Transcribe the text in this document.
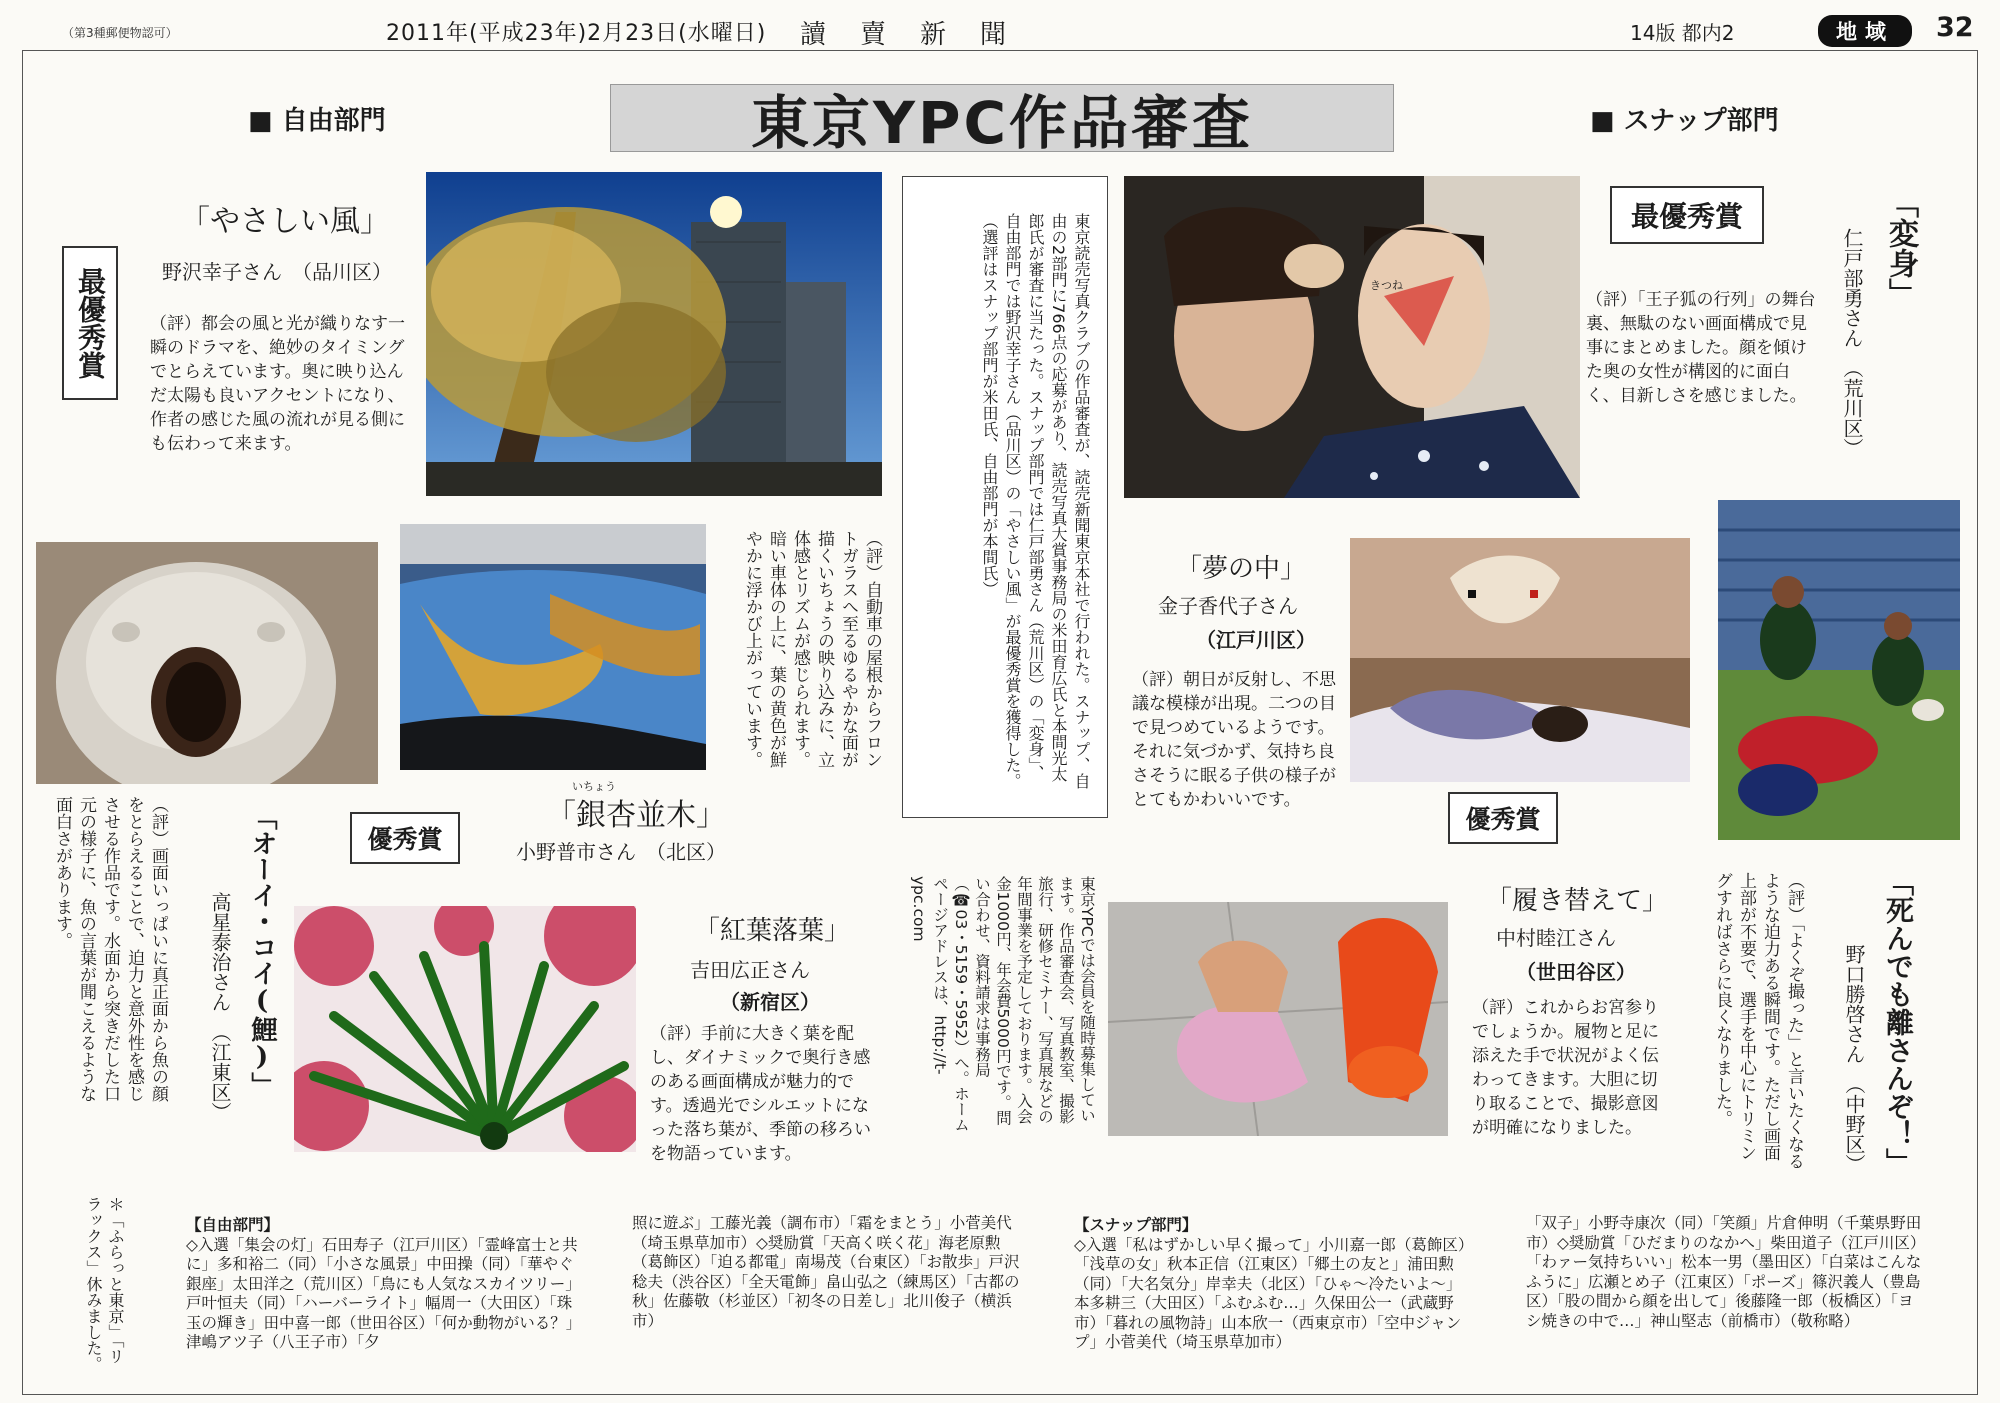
（第3種郵便物認可）	2011年(平成23年)2月23日(水曜日) 讀賣新聞	14版 都内2	地域	32
東京YPC作品審査
■ 自由部門	■ スナップ部門
最優秀賞
「やさしい風」
野沢幸子さん　（品川区）
（評）都会の風と光が織りなす一瞬のドラマを、絶妙のタイミングでとらえています。奥に映り込んだ太陽も良いアクセントになり、作者の感じた風の流れが見る側にも伝わって来ます。	東京読売写真クラブの作品審査が、読売新聞東京本社で行われた。スナップ、自由の2部門に766点の応募があり、読売写真大賞事務局の米田育広氏と本間光太郎氏が審査に当たった。スナップ部門では仁戸部勇さん（荒川区）の「変身」、自由部門では野沢幸子さん（品川区）の「やさしい風」が最優秀賞を獲得した。（選評はスナップ部門が米田氏、自由部門が本間氏）	最優秀賞	「変身」
仁戸部勇さん　（荒川区）
きつね
（評）「王子狐の行列」の舞台裏、無駄のない画面構成で見事にまとめました。顔を傾けた奥の女性が構図的に面白く、目新しさを感じました。
（評）自動車の屋根からフロントガラスへ至るゆるやかな面が描くいちょうの映り込みに、立体感とリズムが感じられます。暗い車体の上に、葉の黄色が鮮やかに浮かび上がっています。
いちょう
「銀杏並木」
小野普市さん　（北区）
優秀賞
「オーイ・コイ(鯉)」
高星泰治さん　（江東区）
（評）画面いっぱいに真正面から魚の顔をとらえることで、迫力と意外性を感じさせる作品です。水面から突きだした口元の様子に、魚の言葉が聞こえるような面白さがあります。	「紅葉落葉」
吉田広正さん
（新宿区）
（評）手前に大きく葉を配し、ダイナミックで奥行き感のある画面構成が魅力的です。透過光でシルエットになった落ち葉が、季節の移ろいを物語っています。
東京YPCでは会員を随時募集しています。作品審査会、写真教室、撮影旅行、研修セミナー、写真展などの年間事業を予定しております。入会金1000円、年会費5000円です。問い合わせ、資料請求は事務局（☎03・5159・5952）へ。ホームページアドレスは、http://t-ypc.com
「夢の中」
金子香代子さん
（江戸川区）
（評）朝日が反射し、不思議な模様が出現。二つの目で見つめているようです。それに気づかず、気持ち良さそうに眠る子供の様子がとてもかわいいです。
優秀賞
「死んでも離さんぞ！」
野口勝啓さん　（中野区）
（評）「よくぞ撮った」と言いたくなるような迫力ある瞬間です。ただし画面上部が不要で、選手を中心にトリミングすればさらに良くなりました。
「履き替えて」
中村睦江さん
（世田谷区）
（評）これからお宮参りでしょうか。履物と足に添えた手で状況がよく伝わってきます。大胆に切り取ることで、撮影意図が明確になりました。
＊「ふらっと東京」「リラックス」休みました。	【自由部門】
◇入選「集会の灯」石田寿子（江戸川区）「霊峰富士と共に」多和裕二（同）「小さな風景」中田操（同）「華やぐ銀座」太田洋之（荒川区）「鳥にも人気なスカイツリー」戸叶恒夫（同）「ハーバーライト」幅周一（大田区）「珠玉の輝き」田中喜一郎（世田谷区）「何か動物がいる？」津嶋アツ子（八王子市）「夕
照に遊ぶ」工藤光義（調布市）「霜をまとう」小菅美代（埼玉県草加市）◇奨励賞「天高く咲く花」海老原勲（葛飾区）「迫る都電」南場茂（台東区）「お散歩」戸沢稔夫（渋谷区）「全天電飾」畠山弘之（練馬区）「古都の秋」佐藤敬（杉並区）「初冬の日差し」北川俊子（横浜市）
【スナップ部門】
◇入選「私はずかしい早く撮って」小川嘉一郎（葛飾区）「浅草の女」秋本正信（江東区）「郷土の友と」浦田勲（同）「大名気分」岸幸夫（北区）「ひゃ〜冷たいよ〜」本多耕三（大田区）「ふむふむ…」久保田公一（武蔵野市）「暮れの風物詩」山本欣一（西東京市）「空中ジャンプ」小菅美代（埼玉県草加市）
「双子」小野寺康次（同）「笑顔」片倉伸明（千葉県野田市）◇奨励賞「ひだまりのなかへ」柴田道子（江戸川区）「わァー気持ちいい」松本一男（墨田区）「白菜はこんなふうに」広瀬とめ子（江東区）「ポーズ」篠沢義人（豊島区）「股の間から顔を出して」後藤隆一郎（板橋区）「ヨシ焼きの中で…」神山堅志（前橋市）（敬称略）
